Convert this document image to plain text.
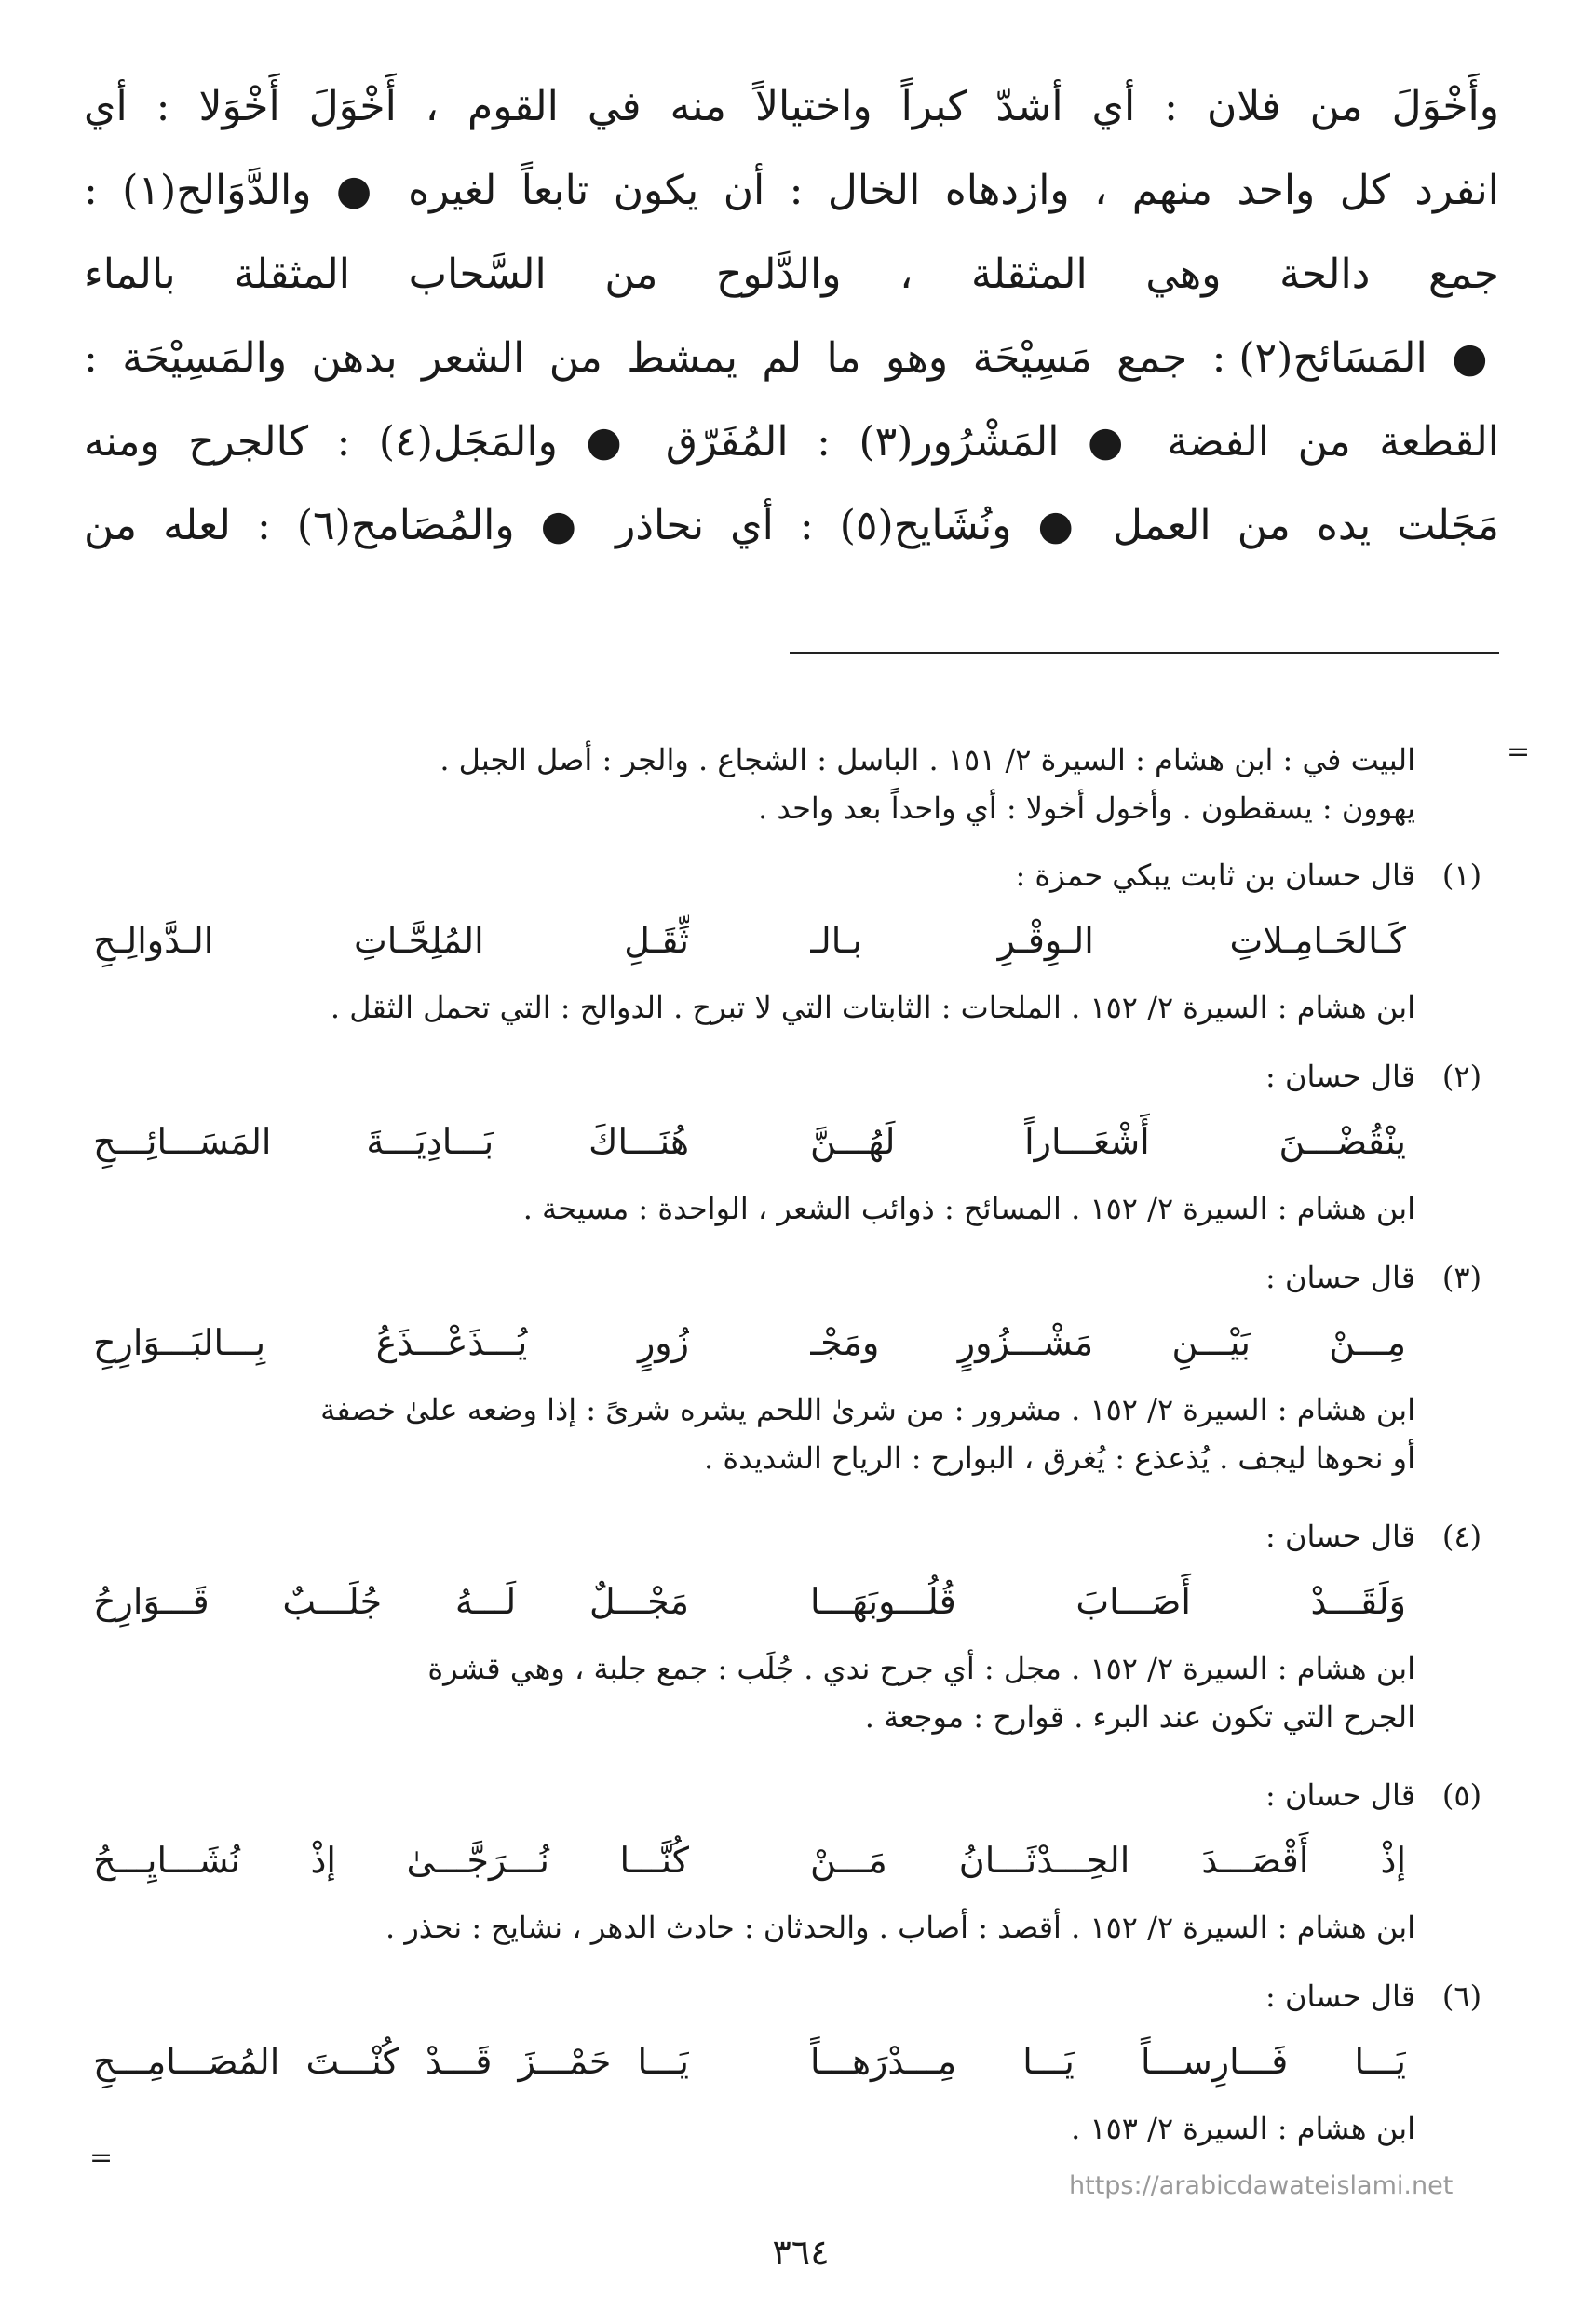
وأَخْوَلَ من فلان : أي أشدّ كبراً واختيالاً منه في القوم ، أَخْوَلَ أَخْوَلا : أي
انفرد كل واحد منهم ، وازدهاه الخال : أن يكون تابعاً لغيره ● والدَّوَالح(١) :
جمع دالحة وهي المثقلة ، والدَّلوح من السَّحاب المثقلة بالماء
● المَسَائح(٢) : جمع مَسِيْحَة وهو ما لم يمشط من الشعر بدهن والمَسِيْحَة :
القطعة من الفضة ● المَشْرُور(٣) : المُفَرّق ● والمَجَل(٤) : كالجرح ومنه
مَجَلت يده من العمل ● ونُشَايح(٥) : أي نحاذر ● والمُصَامح(٦) : لعله من
=
البيت في : ابن هشام : السيرة ٢/ ١٥١ . الباسل : الشجاع . والجر : أصل الجبل .
يهوون : يسقطون . وأخول أخولا : أي واحداً بعد واحد .
(١)
قال حسان بن ثابت يبكي حمزة :
كَـالحَـامِـلاتِ الـوِقْـرِ بـالـ
ثِّقَـلِ المُلِحَّـاتِ الـدَّوالِـحِ
ابن هشام : السيرة ٢/ ١٥٢ . الملحات : الثابتات التي لا تبرح . الدوالح : التي تحمل الثقل .
(٢)
قال حسان :
ينْقُضْـــنَ أَشْعَـــاراً لَهُـــنَّ
هُنَـــاكَ بَـــادِيَـــةَ المَسَـــائِـــحِ
ابن هشام : السيرة ٢/ ١٥٢ . المسائح : ذوائب الشعر ، الواحدة : مسيحة .
(٣)
قال حسان :
مِـــنْ بَيْـــنِ مَشْـــزُورٍ ومَجْـ
زُورٍ يُـــذَعْـــذَعُ بِـــالبَـــوَارِحِ
ابن هشام : السيرة ٢/ ١٥٢ . مشرور : من شرىٰ اللحم يشره شرىً : إذا وضعه علىٰ خصفة
أو نحوها ليجف . يُذعذع : يُغرق ، البوارح : الرياح الشديدة .
(٤)
قال حسان :
وَلَقَـــدْ أَصَـــابَ قُلُـــوبَهَـــا
مَجْـــلٌ لَـــهُ جُلَـــبٌ قَـــوَارِحُ
ابن هشام : السيرة ٢/ ١٥٢ . مجل : أي جرح ندي . جُلَب : جمع جلبة ، وهي قشرة
الجرح التي تكون عند البرء . قوارح : موجعة .
(٥)
قال حسان :
إذْ أَقْصَـــدَ الحِـــدْثَـــانُ مَـــنْ
كُنَّـــا نُـــرَجَّـــىٰ إذْ نُشَـــايِـــحُ
ابن هشام : السيرة ٢/ ١٥٢ . أقصد : أصاب . والحدثان : حادث الدهر ، نشايح : نحذر .
(٦)
قال حسان :
يَـــا فَـــارِســـاً يَـــا مِـــدْرَهـــاً
يَـــا حَمْـــزَ قَـــدْ كُنْـــتَ المُصَـــامِـــحِ
ابن هشام : السيرة ٢/ ١٥٣ .
=
https://arabicdawateislami.net
٣٦٤
